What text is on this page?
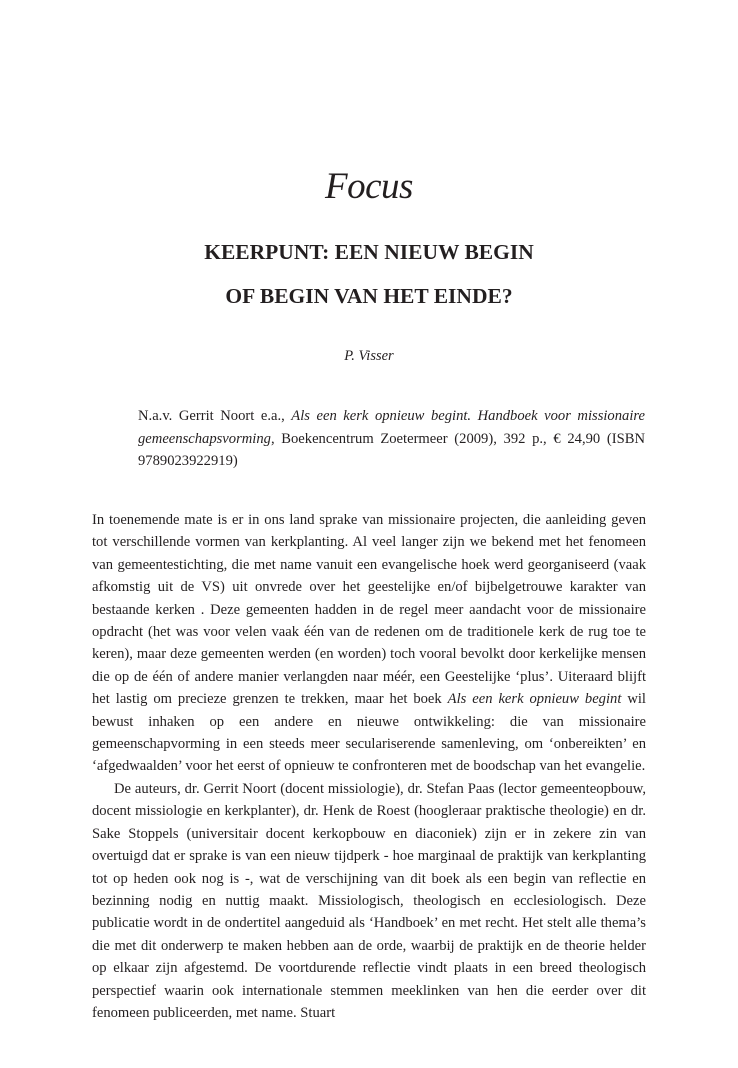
Focus
KEERPUNT: EEN NIEUW BEGIN
OF BEGIN VAN HET EINDE?
P. Visser

N.a.v. Gerrit Noort e.a., Als een kerk opnieuw begint. Handboek voor missionaire gemeenschapsvorming, Boekencentrum Zoetermeer (2009), 392 p., € 24,90 (ISBN 9789023922919)

In toenemende mate is er in ons land sprake van missionaire projecten, die aanleiding geven tot verschillende vormen van kerkplanting. Al veel langer zijn we bekend met het fenomeen van gemeentestichting, die met name vanuit een evangelische hoek werd georganiseerd (vaak afkomstig uit de VS) uit onvrede over het geestelijke en/of bijbelgetrouwe karakter van bestaande kerken . Deze gemeenten hadden in de regel meer aandacht voor de missionaire opdracht (het was voor velen vaak één van de redenen om de traditionele kerk de rug toe te keren), maar deze gemeenten werden (en worden) toch vooral bevolkt door kerkelijke mensen die op de één of andere manier verlangden naar méér, een Geestelijke ‘plus’. Uiteraard blijft het lastig om precieze grenzen te trekken, maar het boek Als een kerk opnieuw begint wil bewust inhaken op een andere en nieuwe ontwikkeling: die van missionaire gemeenschapvorming in een steeds meer seculariserende samenleving, om ‘onbereikten’ en ‘afgedwaalden’ voor het eerst of opnieuw te confronteren met de boodschap van het evangelie.

De auteurs, dr. Gerrit Noort (docent missiologie), dr. Stefan Paas (lector gemeenteopbouw, docent missiologie en kerkplanter), dr. Henk de Roest (hoogleraar praktische theologie) en dr. Sake Stoppels (universitair docent kerkopbouw en diaconiek) zijn er in zekere zin van overtuigd dat er sprake is van een nieuw tijdperk - hoe marginaal de praktijk van kerkplanting tot op heden ook nog is -, wat de verschijning van dit boek als een begin van reflectie en bezinning nodig en nuttig maakt. Missiologisch, theologisch en ecclesiologisch. Deze publicatie wordt in de ondertitel aangeduid als ‘Handboek’ en met recht. Het stelt alle thema’s die met dit onderwerp te maken hebben aan de orde, waarbij de praktijk en de theorie helder op elkaar zijn afgestemd. De voortdurende reflectie vindt plaats in een breed theologisch perspectief waarin ook internationale stemmen meeklinken van hen die eerder over dit fenomeen publiceerden, met name. Stuart
